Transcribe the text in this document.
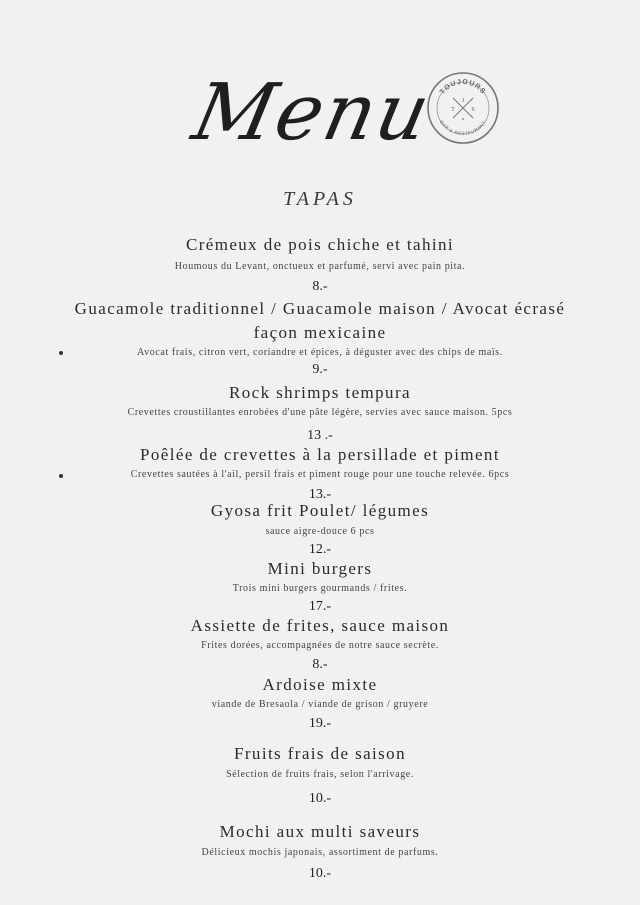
Menu TOUJOURS
BAR & RESTAURANT
J
T	S
TAPAS
Crémeux de pois chiche et tahini
Houmous du Levant, onctueux et parfumé, servi avec pain pita.
8.-
Guacamole traditionnel / Guacamole maison / Avocat écrasé
façon mexicaine
Avocat frais, citron vert, coriandre et épices, à déguster avec des chips de maïs.
9.-
Rock shrimps tempura
Crevettes croustillantes enrobées d'une pâte légère, servies avec sauce maison. 5pcs
13 .-
Poêlée de crevettes à la persillade et piment
Crevettes sautées à l'ail, persil frais et piment rouge pour une touche relevée. 6pcs
13.-
Gyosa frit Poulet/ légumes
sauce aigre-douce 6 pcs
12.-
Mini burgers
Trois mini burgers gourmands / frites.
17.-
Assiette de frites, sauce maison
Frites dorées, accompagnées de notre sauce secrète.
8.-
Ardoise mixte
viande de Bresaola / viande de grison / gruyere
19.-
Fruits frais de saison
Sélection de fruits frais, selon l'arrivage.
10.-
Mochi aux multi saveurs
Délicieux mochis japonais, assortiment de parfums.
10.-
